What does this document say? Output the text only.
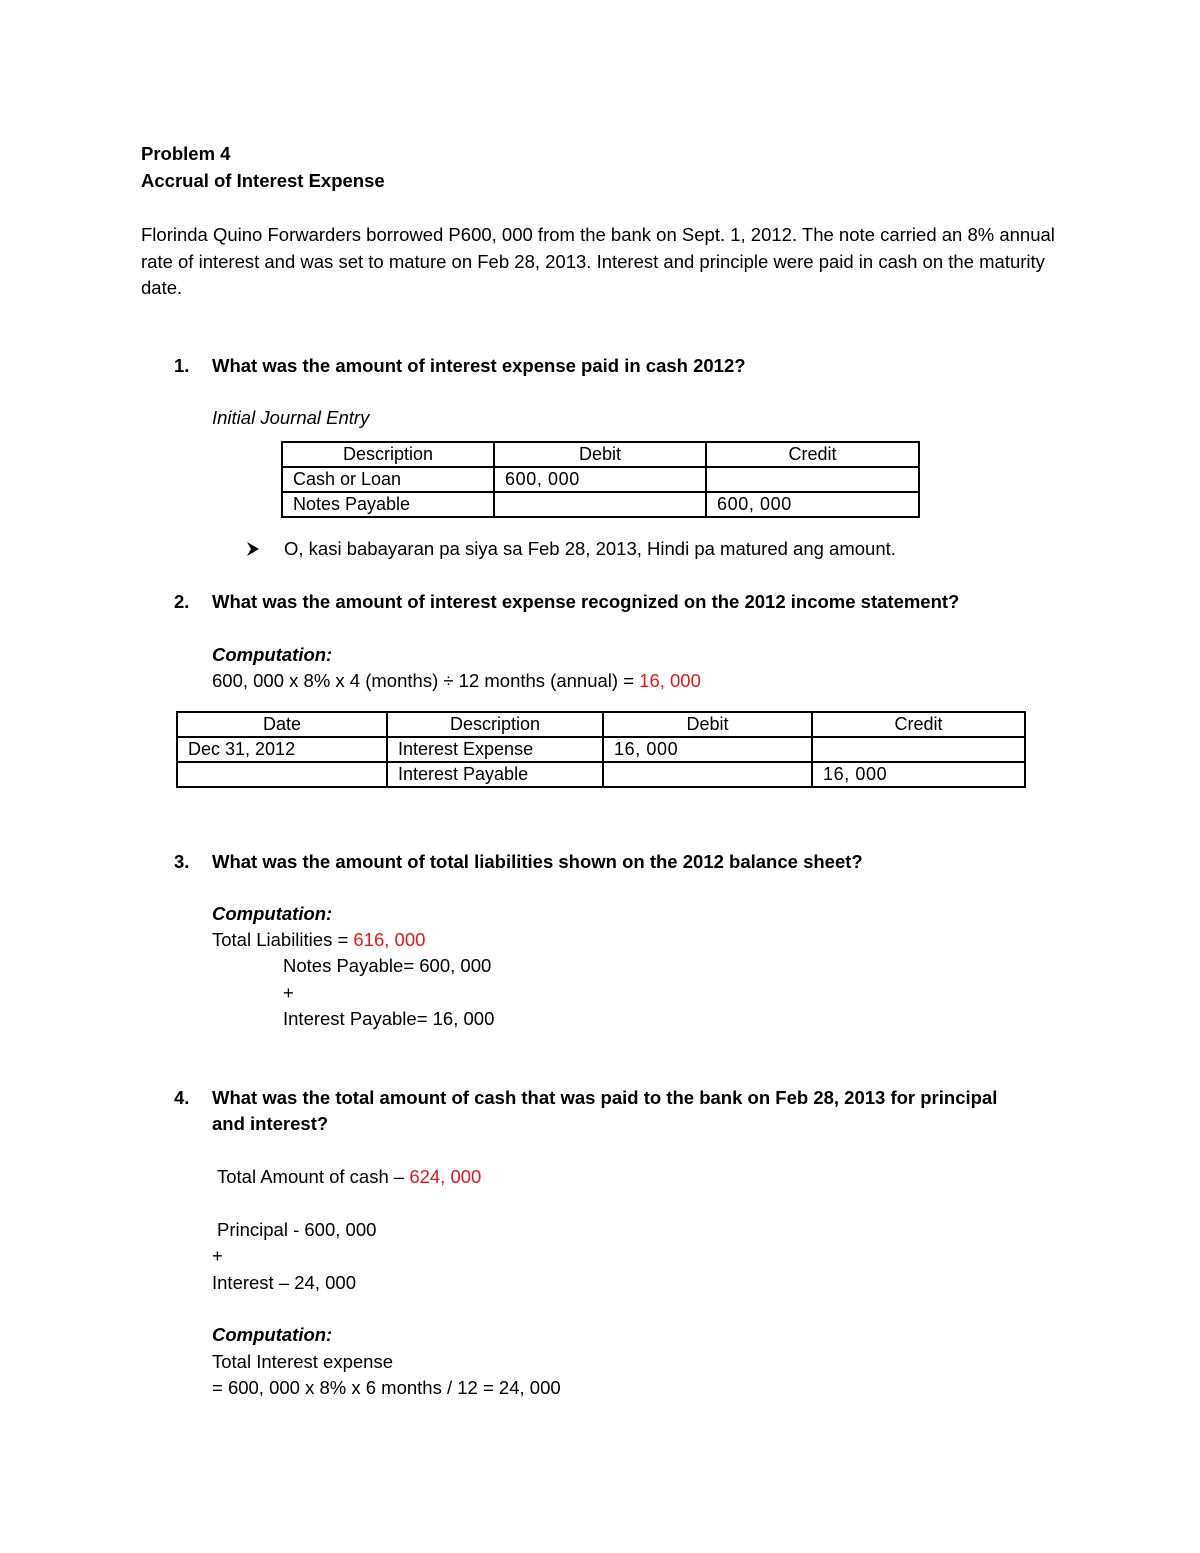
Problem 4
Accrual of Interest Expense
Florinda Quino Forwarders borrowed P600, 000 from the bank on Sept. 1, 2012. The note carried an 8% annual rate of interest and was set to mature on Feb 28, 2013. Interest and principle were paid in cash on the maturity date.
1. What was the amount of interest expense paid in cash 2012?
Initial Journal Entry
Description	Debit	Credit
Cash or Loan	600, 000	
Notes Payable		600, 000
O, kasi babayaran pa siya sa Feb 28, 2013, Hindi pa matured ang amount.
2. What was the amount of interest expense recognized on the 2012 income statement?
Computation:
600, 000 x 8% x 4 (months) ÷ 12 months (annual) = 16, 000
Date	Description	Debit	Credit
Dec 31, 2012	Interest Expense	16, 000	
	Interest Payable		16, 000
3. What was the amount of total liabilities shown on the 2012 balance sheet?
Computation:
Total Liabilities = 616, 000
Notes Payable= 600, 000
+
Interest Payable= 16, 000
4. What was the total amount of cash that was paid to the bank on Feb 28, 2013 for principal
and interest?
Total Amount of cash – 624, 000
Principal - 600, 000
+
Interest – 24, 000
Computation:
Total Interest expense
= 600, 000 x 8% x 6 months / 12 = 24, 000
